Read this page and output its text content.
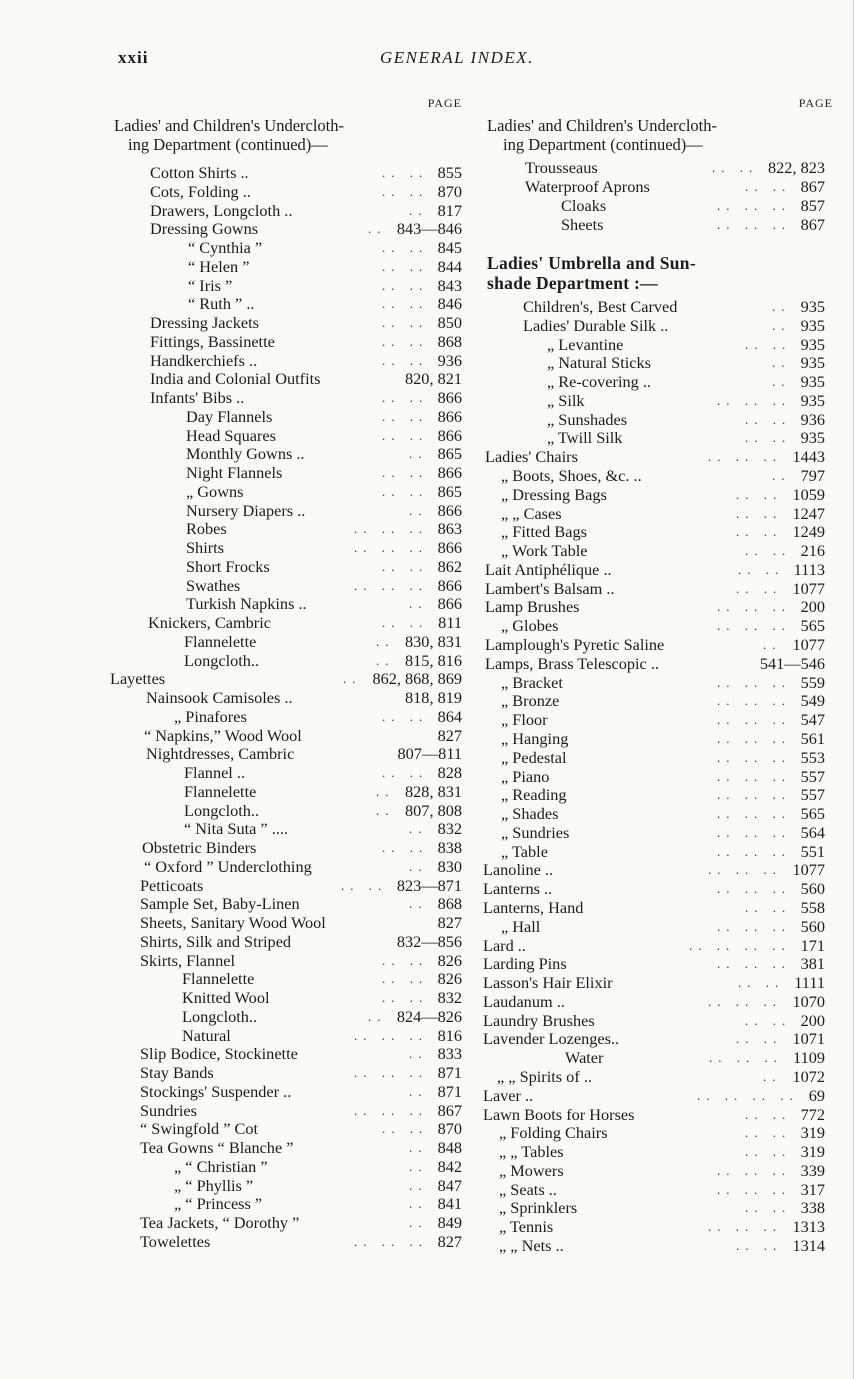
xxii	GENERAL INDEX.
PAGE
Ladies' and Children's Undercloth-
ing Department (continued)—
Cotton Shirts ..	.. .. 855
Cots, Folding ..	.. .. 870
Drawers, Longcloth ..	.. 817
Dressing Gowns	.. 843—846
“ Cynthia ”	.. .. 845
“ Helen ”	.. .. 844
“ Iris ”	.. .. 843
“ Ruth ” ..	.. .. 846
Dressing Jackets	.. .. 850
Fittings, Bassinette	.. .. 868
Handkerchiefs ..	.. .. 936
India and Colonial Outfits	820, 821
Infants' Bibs ..	.. .. 866
Day Flannels	.. .. 866
Head Squares	.. .. 866
Monthly Gowns ..	.. 865
Night Flannels	.. .. 866
„ Gowns	.. .. 865
Nursery Diapers ..	.. 866
Robes	.. .. .. 863
Shirts	.. .. .. 866
Short Frocks	.. .. 862
Swathes	.. .. .. 866
Turkish Napkins ..	.. 866
Knickers, Cambric	.. .. 811
Flannelette	.. 830, 831
Longcloth..	.. 815, 816
Layettes	.. 862, 868, 869
Nainsook Camisoles ..	818, 819
„ Pinafores	.. .. 864
“ Napkins,” Wood Wool	827
Nightdresses, Cambric	807—811
Flannel ..	.. .. 828
Flannelette	.. 828, 831
Longcloth..	.. 807, 808
“ Nita Suta ” ....	.. 832
Obstetric Binders	.. .. 838
“ Oxford ” Underclothing	.. 830
Petticoats	.. .. 823—871
Sample Set, Baby-Linen	.. 868
Sheets, Sanitary Wood Wool	827
Shirts, Silk and Striped	832—856
Skirts, Flannel	.. .. 826
Flannelette	.. .. 826
Knitted Wool	.. .. 832
Longcloth..	.. 824—826
Natural	.. .. .. 816
Slip Bodice, Stockinette	.. 833
Stay Bands	.. .. .. 871
Stockings' Suspender ..	.. 871
Sundries	.. .. .. 867
“ Swingfold ” Cot	.. .. 870
Tea Gowns “ Blanche ”	.. 848
„ “ Christian ”	.. 842
„ “ Phyllis ”	.. 847
„ “ Princess ”	.. 841
Tea Jackets, “ Dorothy ”	.. 849
Towelettes	.. .. .. 827
PAGE
Ladies' and Children's Undercloth-
ing Department (continued)—
Trousseaus	.. .. 822, 823
Waterproof Aprons	.. .. 867
Cloaks	.. .. .. 857
Sheets	.. .. .. 867
Ladies' Umbrella and Sun-
shade Department :—
Children's, Best Carved	.. 935
Ladies' Durable Silk ..	.. 935
„ Levantine	.. .. 935
„ Natural Sticks	.. 935
„ Re-covering ..	.. 935
„ Silk	.. .. .. 935
„ Sunshades	.. .. 936
„ Twill Silk	.. .. 935
Ladies' Chairs	.. .. .. 1443
„ Boots, Shoes, &c. ..	.. 797
„ Dressing Bags	.. .. 1059
„ „ Cases	.. .. 1247
„ Fitted Bags	.. .. 1249
„ Work Table	.. .. 216
Lait Antiphélique ..	.. .. 1113
Lambert's Balsam ..	.. .. 1077
Lamp Brushes	.. .. .. 200
„ Globes	.. .. .. 565
Lamplough's Pyretic Saline	.. 1077
Lamps, Brass Telescopic ..	541—546
„ Bracket	.. .. .. 559
„ Bronze	.. .. .. 549
„ Floor	.. .. .. 547
„ Hanging	.. .. .. 561
„ Pedestal	.. .. .. 553
„ Piano	.. .. .. 557
„ Reading	.. .. .. 557
„ Shades	.. .. .. 565
„ Sundries	.. .. .. 564
„ Table	.. .. .. 551
Lanoline ..	.. .. .. 1077
Lanterns ..	.. .. .. 560
Lanterns, Hand	.. .. 558
„ Hall	.. .. .. 560
Lard ..	.. .. .. .. 171
Larding Pins	.. .. .. 381
Lasson's Hair Elixir	.. .. 1111
Laudanum ..	.. .. .. 1070
Laundry Brushes	.. .. 200
Lavender Lozenges..	.. .. 1071
Water	.. .. .. 1109
„ „ Spirits of ..	.. 1072
Laver ..	.. .. .. .. 69
Lawn Boots for Horses	.. .. 772
„ Folding Chairs	.. .. 319
„ „ Tables	.. .. 319
„ Mowers	.. .. .. 339
„ Seats ..	.. .. .. 317
„ Sprinklers	.. .. 338
„ Tennis	.. .. .. 1313
„ „ Nets ..	.. .. 1314
